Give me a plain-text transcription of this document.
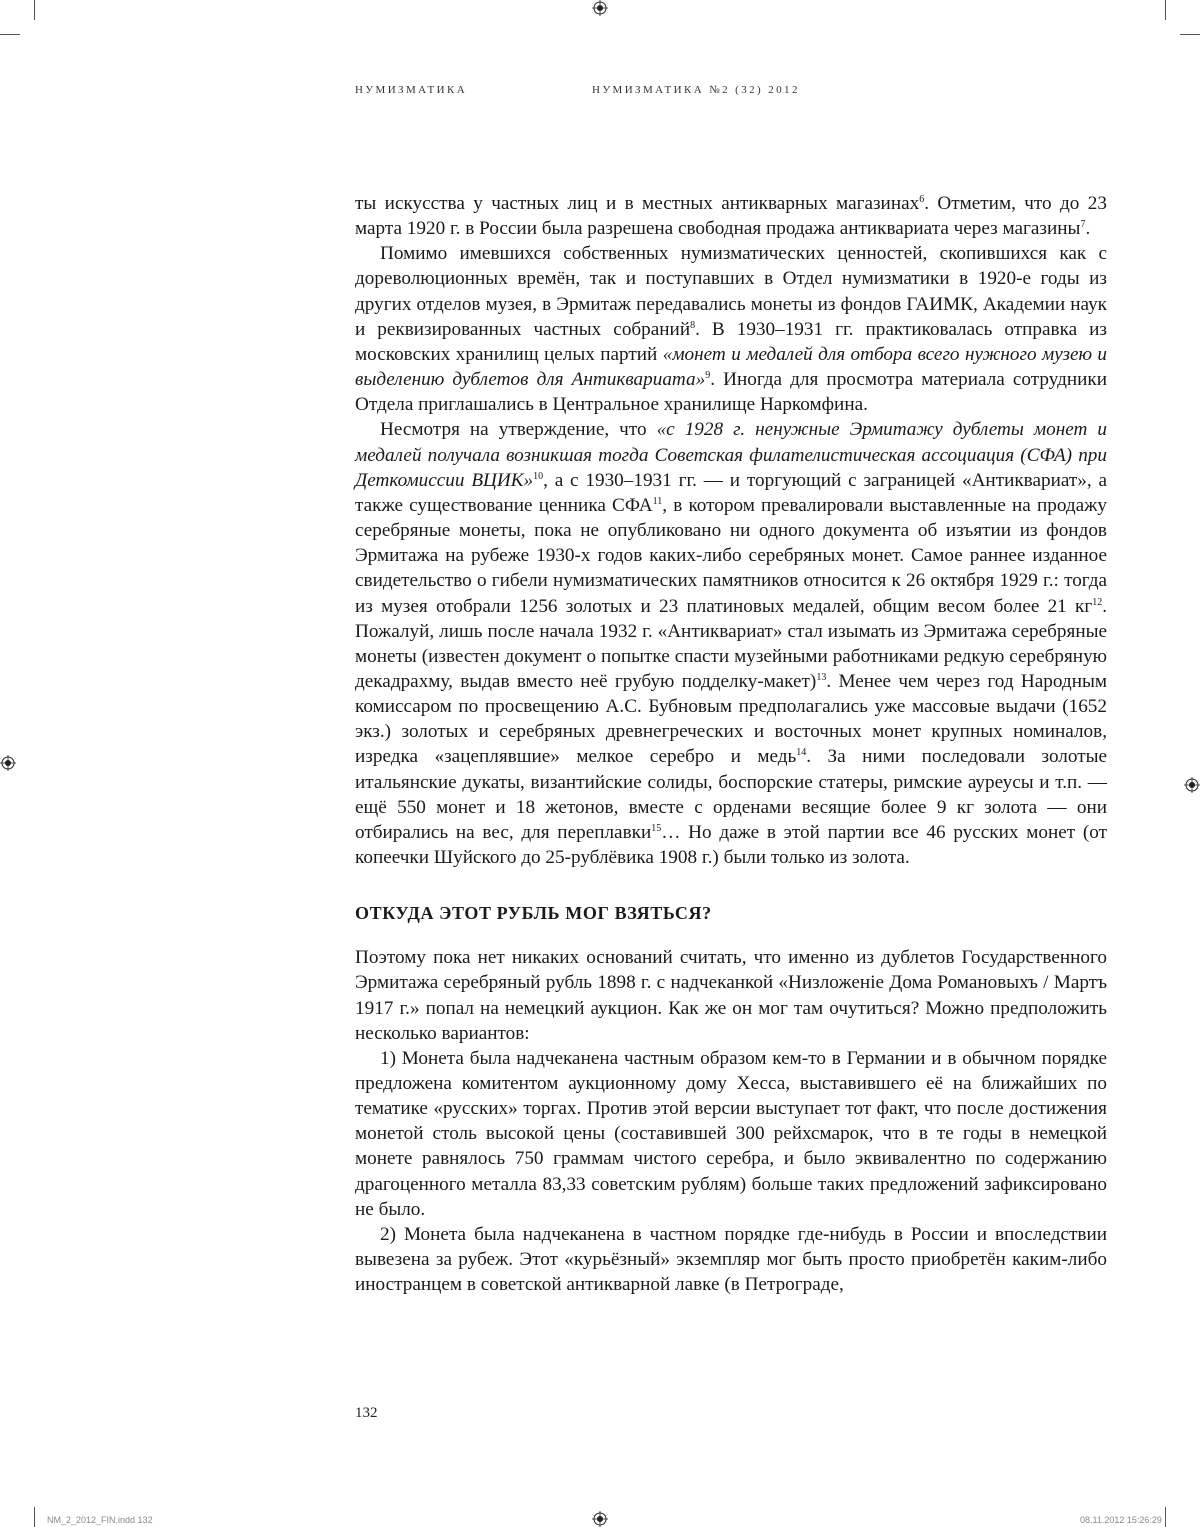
НУМИЗМАТИКА	НУМИЗМАТИКА №2 (32) 2012

ты искусства у частных лиц и в местных антикварных магазинах$^6$. Отметим, что до 23 марта 1920 г. в России была разрешена свободная продажа антиквариата через магазины$^7$.

Помимо имевшихся собственных нумизматических ценностей, скопившихся как с дореволюционных времён, так и поступавших в Отдел нумизматики в 1920-е годы из других отделов музея, в Эрмитаж передавались монеты из фондов ГАИМК, Академии наук и реквизированных частных собраний$^8$. В 1930–1931 гг. практиковалась отправка из московских хранилищ целых партий «монет и медалей для отбора всего нужного музею и выделению дублетов для Антиквариата»$^9$. Иногда для просмотра материала сотрудники Отдела приглашались в Центральное хранилище Наркомфина.

Несмотря на утверждение, что «с 1928 г. ненужные Эрмитажу дублеты монет и медалей получала возникшая тогда Советская филателистическая ассоциация (СФА) при Деткомиссии ВЦИК»$^{10}$, а с 1930–1931 гг. — и торгующий с заграницей «Антиквариат», а также существование ценника СФА$^{11}$, в котором превалировали выставленные на продажу серебряные монеты, пока не опубликовано ни одного документа об изъятии из фондов Эрмитажа на рубеже 1930-х годов каких-либо серебряных монет. Самое раннее изданное свидетельство о гибели нумизматических памятников относится к 26 октября 1929 г.: тогда из музея отобрали 1256 золотых и 23 платиновых медалей, общим весом более 21 $кг^{12}$. Пожалуй, лишь после начала 1932 г. «Антиквариат» стал изымать из Эрмитажа серебряные монеты (известен документ о попытке спасти музейными работниками редкую серебряную декадрахму, выдав вместо неё грубую подделку-макет)$^{13}$. Менее чем через год Народным комиссаром по просвещению А.С. Бубновым предполагались уже массовые выдачи (1652 экз.) золотых и серебряных древнегреческих и восточных монет крупных номиналов, изредка «зацеплявшие» мелкое серебро и медь$^{14}$. За ними последовали золотые итальянские дукаты, византийские солиды, боспорские статеры, римские ауреусы и т.п. — ещё 550 монет и 18 жетонов, вместе с орденами весящие более 9 кг золота — они отбирались на вес, для переплавки$^{15}$… Но даже в этой партии все 46 русских монет (от копеечки Шуйского до 25-рублёвика 1908 г.) были только из золота.

ОТКУДА ЭТОТ РУБЛЬ МОГ ВЗЯТЬСЯ?

Поэтому пока нет никаких оснований считать, что именно из дублетов Государственного Эрмитажа серебряный рубль 1898 г. с надчеканкой «Низложенiе Дома Романовыхъ / Мартъ 1917 г.» попал на немецкий аукцион. Как же он мог там очутиться? Можно предположить несколько вариантов:

1) Монета была надчеканена частным образом кем-то в Германии и в обычном порядке предложена комитентом аукционному дому Хесса, выставившего её на ближайших по тематике «русских» торгах. Против этой версии выступает тот факт, что после достижения монетой столь высокой цены (составившей 300 рейхсмарок, что в те годы в немецкой монете равнялось 750 граммам чистого серебра, и было эквивалентно по содержанию драгоценного металла 83,33 советским рублям) больше таких предложений зафиксировано не было.

2) Монета была надчеканена в частном порядке где-нибудь в России и впоследствии вывезена за рубеж. Этот «курьёзный» экземпляр мог быть просто приобретён каким-либо иностранцем в советской антикварной лавке (в Петрограде,

132
NM_2_2012_FIN.indd 132	08.11.2012 15:26:29
